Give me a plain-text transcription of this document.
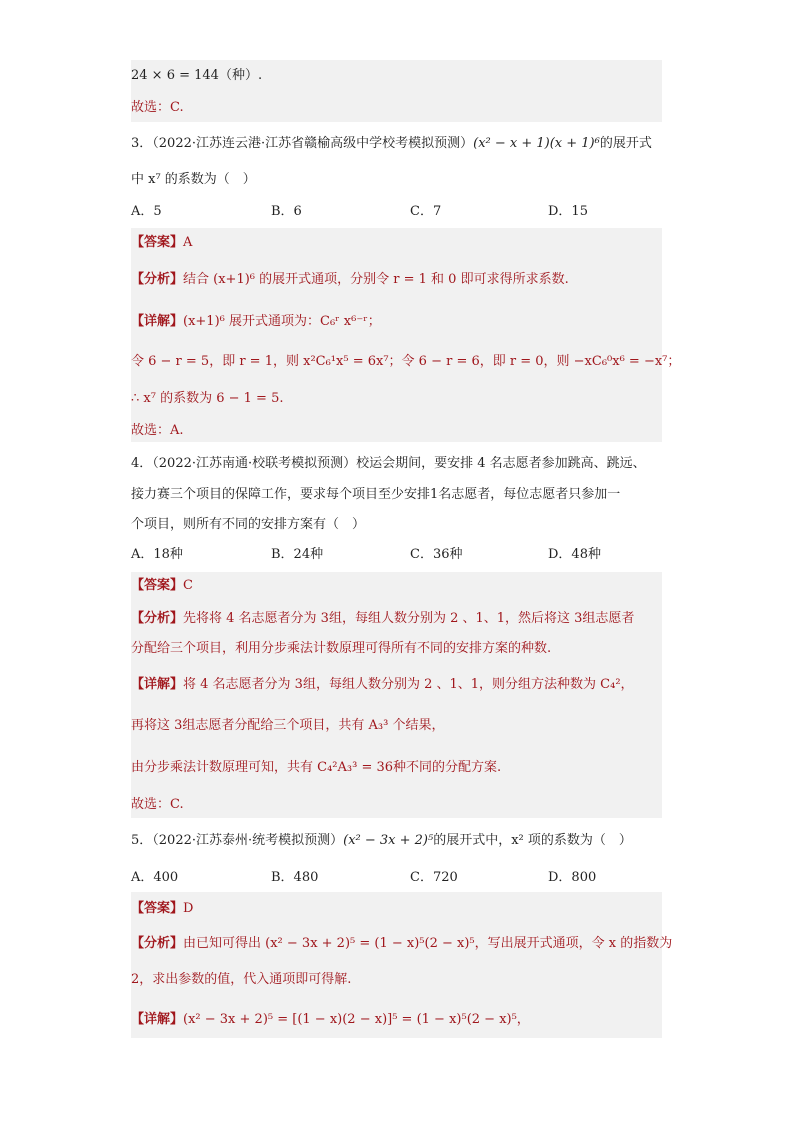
24 × 6 = 144（种）.
故选：C.
3．（2022·江苏连云港·江苏省赣榆高级中学校考模拟预测）(x² − x + 1)(x + 1)⁶的展开式
中 x⁷ 的系数为（　）
A．5	B．6	C．7	D．15
【答案】A
【分析】结合 (x+1)⁶ 的展开式通项，分别令 r = 1 和 0 即可求得所求系数.
【详解】(x+1)⁶ 展开式通项为：C₆ʳ x⁶⁻ʳ；
令 6 − r = 5，即 r = 1，则 x²C₆¹x⁵ = 6x⁷；令 6 − r = 6，即 r = 0，则 −xC₆⁰x⁶ = −x⁷；
∴ x⁷ 的系数为 6 − 1 = 5.
故选：A.
4．（2022·江苏南通·校联考模拟预测）校运会期间，要安排 4 名志愿者参加跳高、跳远、
接力赛三个项目的保障工作，要求每个项目至少安排1名志愿者，每位志愿者只参加一
个项目，则所有不同的安排方案有（　）
A．18种	B．24种	C．36种	D．48种
【答案】C
【分析】先将将 4 名志愿者分为 3组，每组人数分别为 2 、1、1，然后将这 3组志愿者
分配给三个项目，利用分步乘法计数原理可得所有不同的安排方案的种数.
【详解】将 4 名志愿者分为 3组，每组人数分别为 2 、1、1，则分组方法种数为 C₄²，
再将这 3组志愿者分配给三个项目，共有 A₃³ 个结果，
由分步乘法计数原理可知，共有 C₄²A₃³ = 36种不同的分配方案.
故选：C.
5．（2022·江苏泰州·统考模拟预测）(x² − 3x + 2)⁵的展开式中，x² 项的系数为（　）
A．400	B．480	C．720	D．800
【答案】D
【分析】由已知可得出 (x² − 3x + 2)⁵ = (1 − x)⁵(2 − x)⁵，写出展开式通项，令 x 的指数为
2，求出参数的值，代入通项即可得解.
【详解】(x² − 3x + 2)⁵ = [(1 − x)(2 − x)]⁵ = (1 − x)⁵(2 − x)⁵，
